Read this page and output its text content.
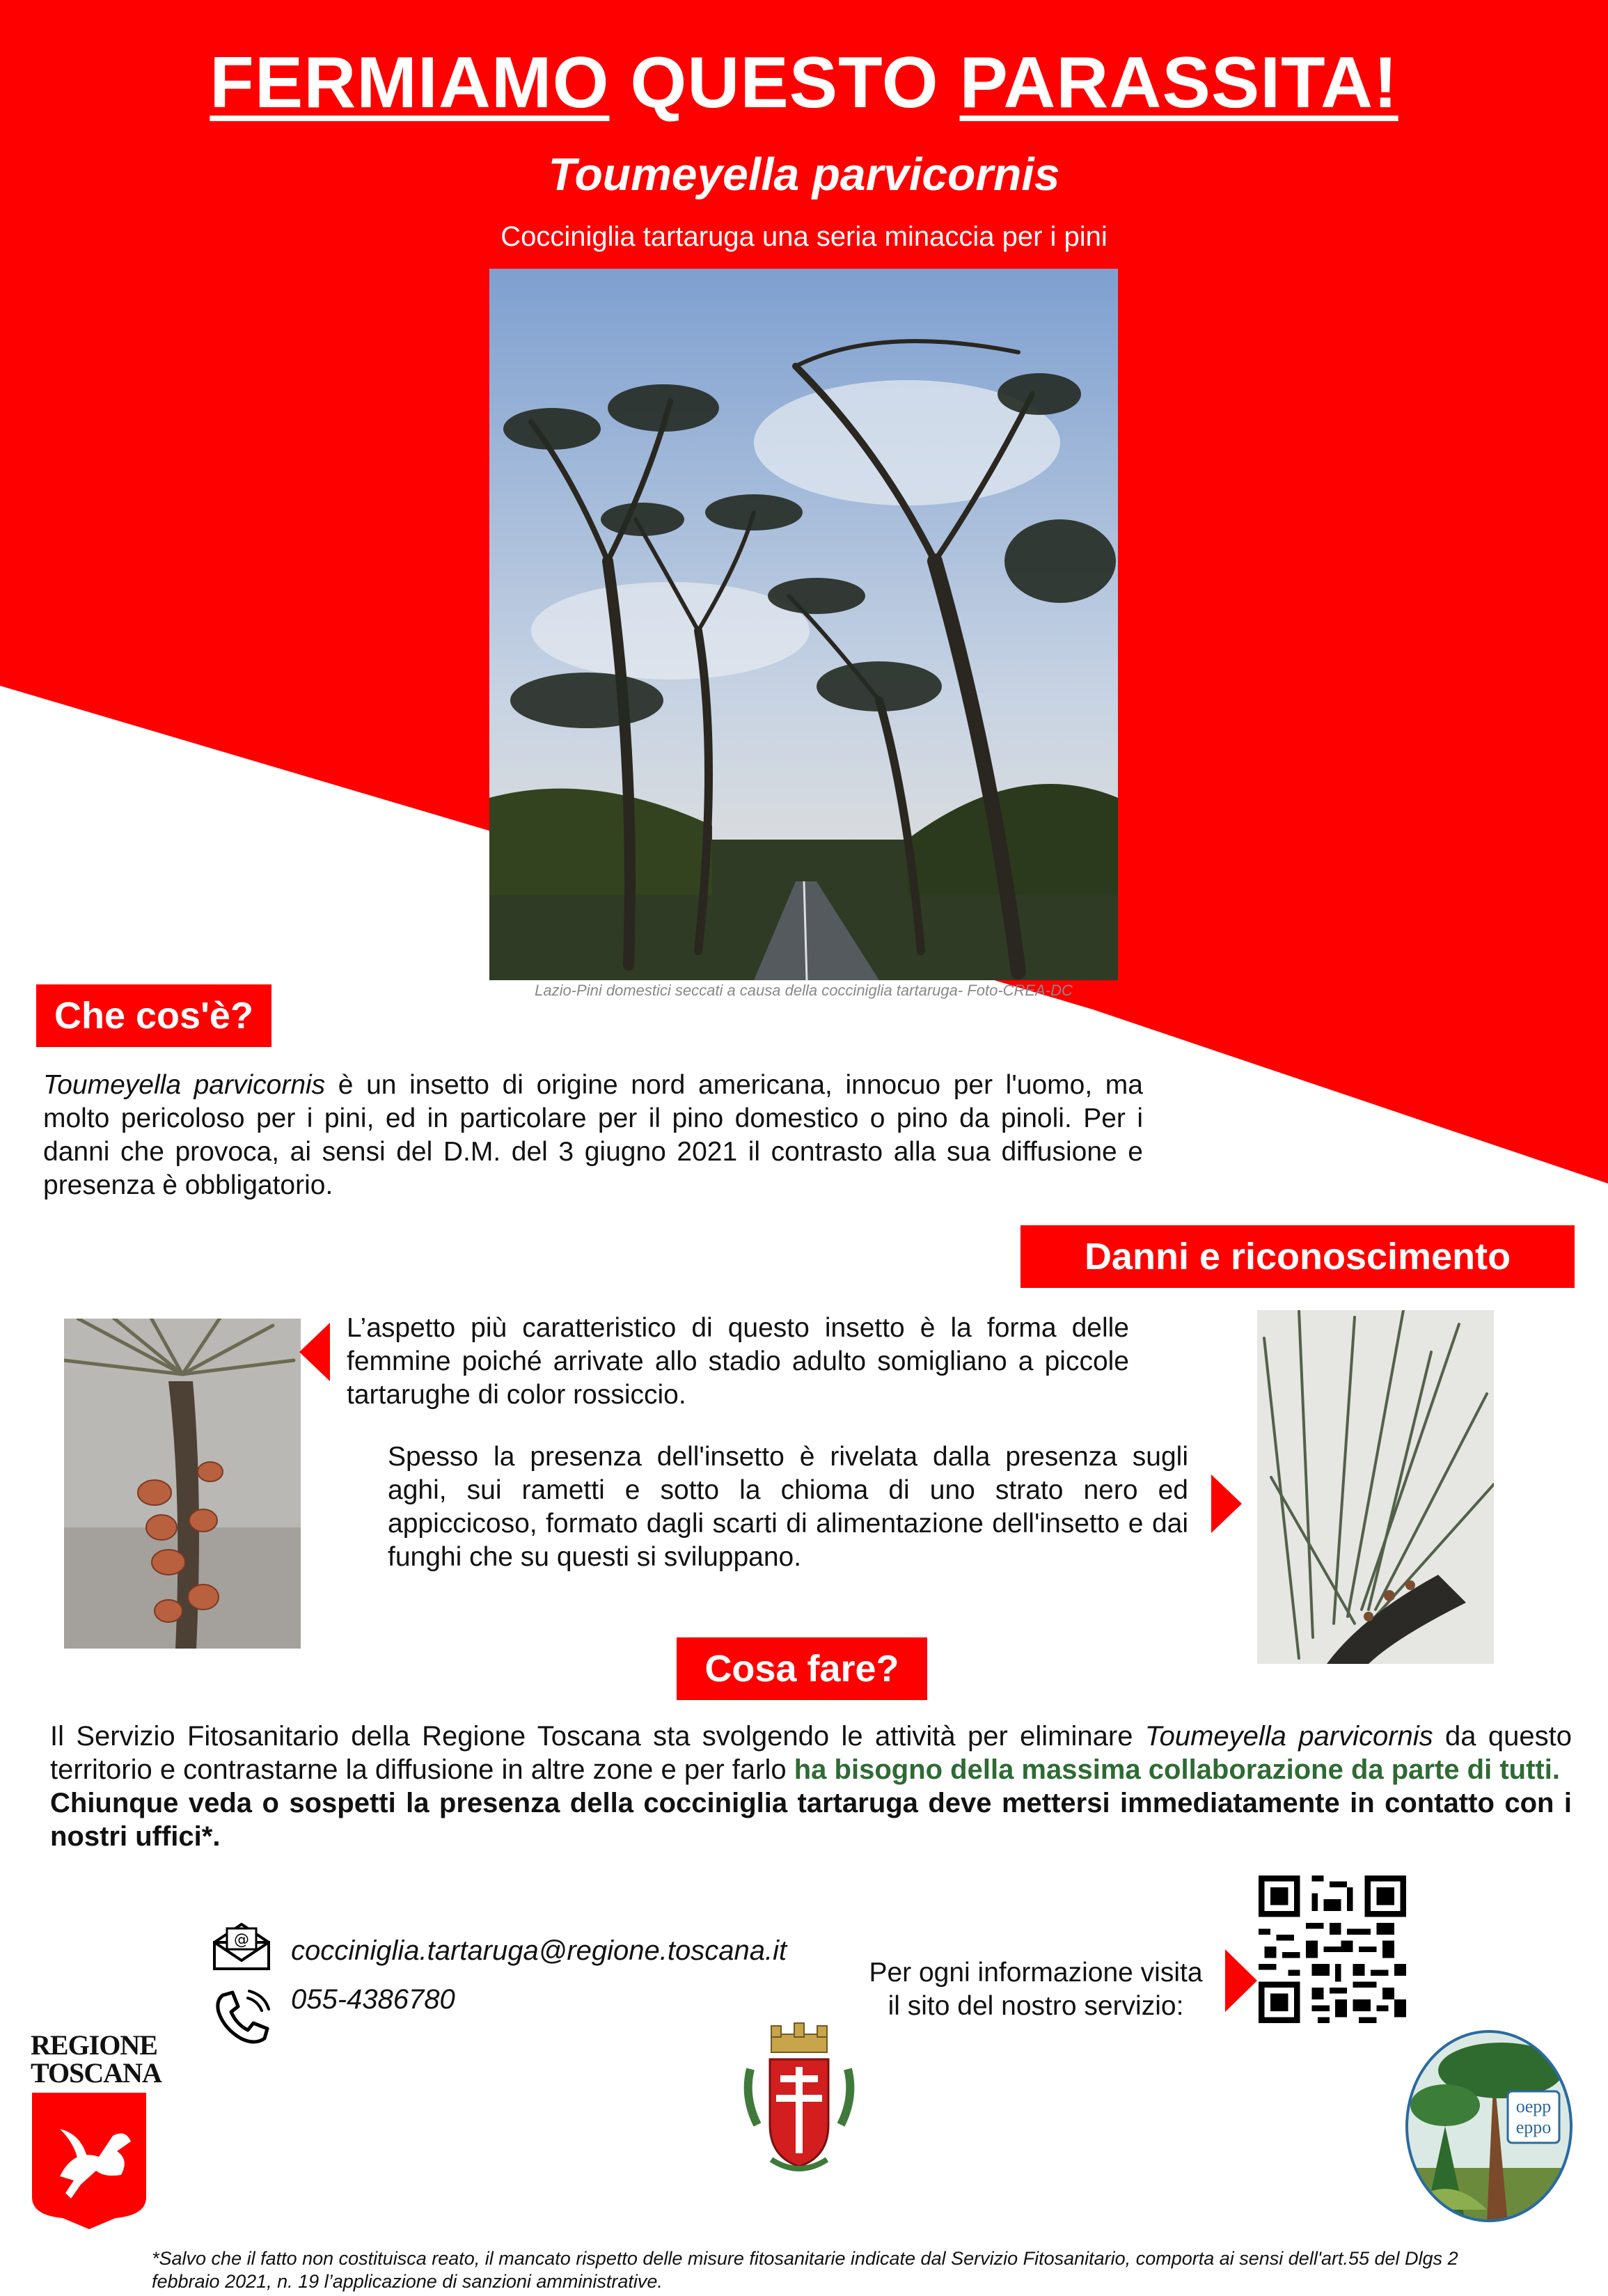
FERMIAMO QUESTO PARASSITA!
Toumeyella parvicornis
Cocciniglia tartaruga una seria minaccia per i pini
Lazio-Pini domestici seccati a causa della cocciniglia tartaruga- Foto-CREA-DC
Che cos'è?
Toumeyella parvicornis è un insetto di origine nord americana, innocuo per l'uomo, ma molto pericoloso per i pini, ed in particolare per il pino domestico o pino da pinoli. Per i danni che provoca, ai sensi del D.M. del 3 giugno 2021 il contrasto alla sua diffusione e presenza è obbligatorio.
Danni e riconoscimento
L’aspetto più caratteristico di questo insetto è la forma delle femmine poiché arrivate allo stadio adulto somigliano a piccole tartarughe di color rossiccio.
Spesso la presenza dell'insetto è rivelata dalla presenza sugli aghi, sui rametti e sotto la chioma di uno strato nero ed appiccicoso, formato dagli scarti di alimentazione dell'insetto e dai funghi che su questi si sviluppano.
Cosa fare?
Il Servizio Fitosanitario della Regione Toscana sta svolgendo le attività per eliminare Toumeyella parvicornis da questo territorio e contrastarne la diffusione in altre zone e per farlo ha bisogno della massima collaborazione da parte di tutti.
Chiunque veda o sospetti la presenza della cocciniglia tartaruga deve mettersi immediatamente in contatto con i nostri uffici*.
@ cocciniglia.tartaruga@regione.toscana.it
055-4386780
Per ogni informazione visita
il sito del nostro servizio:
REGIONE
TOSCANA
oepp
eppo
*Salvo che il fatto non costituisca reato, il mancato rispetto delle misure fitosanitarie indicate dal Servizio Fitosanitario, comporta ai sensi dell'art.55 del Dlgs 2 febbraio 2021, n. 19 l’applicazione di sanzioni amministrative.
